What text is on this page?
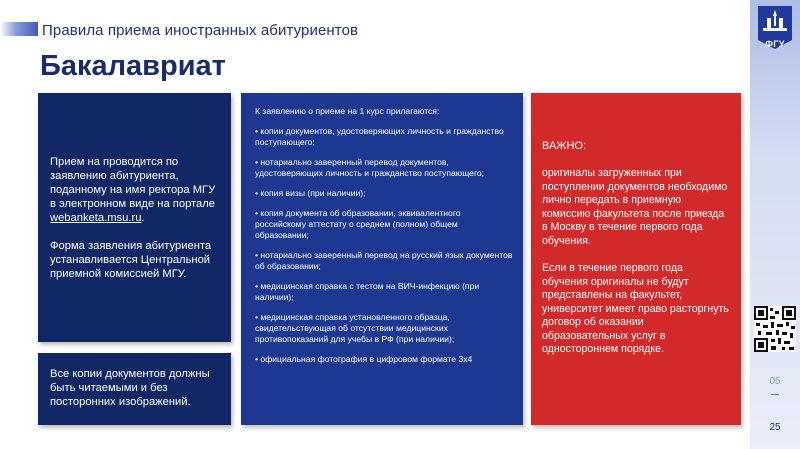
Правила приема иностранных абитуриентов
Бакалавриат
ФГУ
05
25

Прием на проводится по заявлению абитуриента, поданному на имя ректора МГУ в электронном виде на портале webanketa.msu.ru.

Форма заявления абитуриента устанавливается Центральной приемной комиссией МГУ.

Все копии документов должны быть читаемыми и без посторонних изображений.

К заявлению о приеме на 1 курс прилагаются:

• копии документов, удостоверяющих личность и гражданство поступающего;
• нотариально заверенный перевод документов, удостоверяющих личность и гражданство поступающего;
• копия визы (при наличии);
• копия документа об образовании, эквивалентного российскому аттестату о среднем (полном) общем образовании;
• нотариально заверенный перевод на русский язык документов об образовании;
• медицинская справка с тестом на ВИЧ-инфекцию (при наличии);
• медицинская справка установленного образца, свидетельствующая об отсутствии медицинских противопоказаний для учебы в РФ (при наличии);
• официальная фотография в цифровом формате 3х4

ВАЖНО:

оригиналы загруженных при поступлении документов необходимо лично передать в приемную комиссию факультета после приезда в Москву в течение первого года обучения.

Если в течение первого года обучения оригиналы не будут представлены на факультет, университет имеет право расторгнуть договор об оказании образовательных услуг в одностороннем порядке.
